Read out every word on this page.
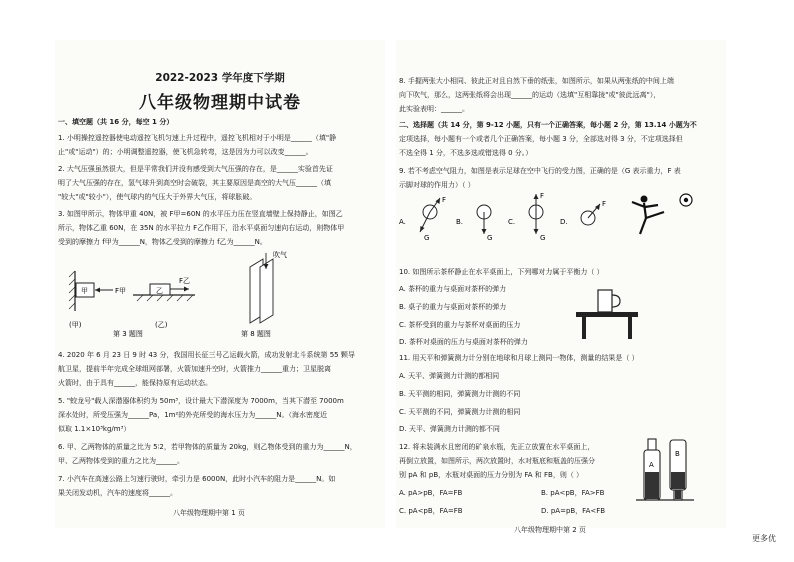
2022-2023 学年度下学期
八年级物理期中试卷
一、填空题（共 16 分，每空 1 分）
1. 小明操控遥控器使电动遥控飞机匀速上升过程中，遥控飞机相对于小明是______（填"静
止"或"运动"）的；小明调整遥控器，使飞机急转弯，这是因为力可以改变______。
2. 大气压强虽然很大，但是平常我们并没有感受到大气压强的存在，是______实验首先证
明了大气压强的存在，氢气球升到高空时会破裂，其主要原因是高空的大气压______（填
"较大"或"较小"），使气球内的气压大于外界大气压，将球胀破。
3. 如图甲所示，物体甲重 40N，被 F甲=60N 的水平压力压在竖直墙壁上保持静止，如图乙
所示，物体乙重 60N，在 35N 的水平拉力 F乙作用下，沿水平桌面匀速向右运动，则物体甲
受到的摩擦力 f甲为______N，物体乙受到的摩擦力 f乙为______N。
甲	F甲
(甲)
乙
F乙
(乙)
第 3 题图
吹气
第 8 题图
4. 2020 年 6 月 23 日 9 时 43 分，我国用长征三号乙运载火箭，成功发射北斗系统第 55 颗导
航卫星，提前半年完成全球组网部署，火箭加速升空时，火箭推力______重力；卫星脱离
火箭时，由于具有______，能保持原有运动状态。
5. "蛟龙号"载人深潜器体积约为 50m³，设计最大下潜深度为 7000m，当其下潜至 7000m
深水处时，所受压强为______Pa，1m²的外壳所受的海水压力为______N。（海水密度近
似取 1.1×10³kg/m³）
6. 甲、乙两物体的质量之比为 5∶2，若甲物体的质量为 20kg，则乙物体受到的重力为______N，
甲、乙两物体受到的重力之比为______。
7. 小汽车在高速公路上匀速行驶时，牵引力是 6000N，此时小汽车的阻力是______N。如
果关闭发动机，汽车的速度将______。
八年级物理期中第 1 页
8. 手握两张大小相同、彼此正对且自然下垂的纸张，如图所示，如果从两张纸的中间上端
向下吹气，那么，这两张纸将会出现______的运动（选填"互相靠拢"或"彼此远离"），
此实验表明：______。
二、选择题（共 14 分，第 9-12 小题，只有一个正确答案，每小题 2 分，第 13.14 小题为不
定项选择，每小题有一个或者几个正确答案，每小题 3 分，全部选对得 3 分，不定项选择但
不选全得 1 分，不选多选或错选得 0 分。）
9. 若不考虑空气阻力，如图是表示足球在空中飞行的受力图，正确的是（G 表示重力，F 表
示脚对球的作用力）（ ）
A.
F
G
B.
G
C.
F
G
D.
F
10. 如图所示茶杯静止在水平桌面上，下列哪对力属于平衡力（ ）
A. 茶杯的重力与桌面对茶杯的弹力
B. 桌子的重力与桌面对茶杯的弹力
C. 茶杯受到的重力与茶杯对桌面的压力
D. 茶杯对桌面的压力与桌面对茶杯的弹力
11. 用天平和弹簧测力计分别在地球和月球上测同一物体，测量的结果是（ ）
A. 天平、弹簧测力计测的都相同
B. 天平测的相同，弹簧测力计测的不同
C. 天平测的不同，弹簧测力计测的相同
D. 天平、弹簧测力计测的都不同
12. 将未装满水且密闭的矿泉水瓶，先正立放置在水平桌面上，
再倒立放置，如图所示，两次放置时，水对瓶底和瓶盖的压强分
别 pA 和 pB，水瓶对桌面的压力分别为 FA 和 FB，则（ ）
A. pA>pB，FA=FB	B. pA<pB，FA>FB
C. pA<pB，FA=FB	D. pA=pB，FA<FB
A
B
八年级物理期中第 2 页
更多优
